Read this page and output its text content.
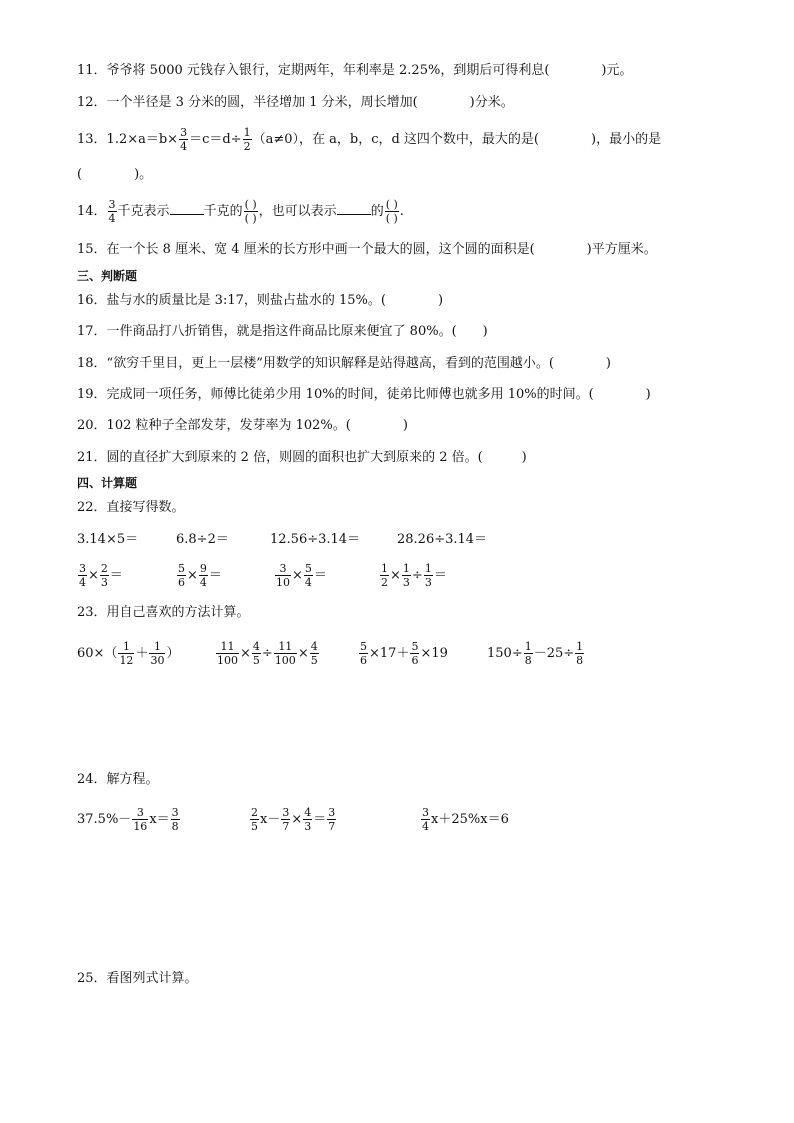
11．爷爷将 5000 元钱存入银行，定期两年，年利率是 2.25%，到期后可得利息(　　　　)元。
12．一个半径是 3 分米的圆，半径增加 1 分米，周长增加(　　　　)分米。
13．$1.2\times a=b\times \frac{3}{4} =c=d\div \frac{1}{2} (a\ne 0)$，在 a，b，c，d 这四个数中，最大的是(　　　　)，最小的是
(　　　　)。
14． $\frac{3}{4}$ 千克表示	千克的 $\frac{( )}{( )}$ ，也可以表示	的 $\frac{( )}{( )}$ .
15．在一个长 8 厘米、宽 4 厘米的长方形中画一个最大的圆，这个圆的面积是(　　　　)平方厘米。
三、判断题
16．盐与水的质量比是 3:17，则盐占盐水的 15%。(　　　　)
17．一件商品打八折销售，就是指这件商品比原来便宜了 80%。(　　)
18．“欲穷千里目，更上一层楼”用数学的知识解释是站得越高，看到的范围越小。(　　　　)
19．完成同一项任务，师傅比徒弟少用 10%的时间，徒弟比师傅也就多用 10%的时间。(　　　　)
20．102 粒种子全部发芽，发芽率为 102%。(　　　　)
21．圆的直径扩大到原来的 2 倍，则圆的面积也扩大到原来的 2 倍。(　　　)
四、计算题
22．直接写得数。
3.14×5＝	6.8÷2＝	12.56÷3.14＝	28.26÷3.14＝
$\frac{3}{4} \times \frac{2}{3}$ ＝	$\frac{5}{6} \times \frac{9}{4}$ ＝	$\frac{3}{10} \times \frac{5}{4}$ ＝	$\frac{1}{2} \times \frac{1}{3} \div \frac{1}{3}$ ＝
23．用自己喜欢的方法计算。
$60\times( \frac{1}{12} + \frac{1}{30}$ ）	$\frac{11}{100} \times \frac{4}{5} \div \frac{11}{100} \times \frac{4}{5}$	$\frac{5}{6} \times 17+ \frac{5}{6} \times 19$	$150\div \frac{1}{8} -25\div \frac{1}{8}$
24．解方程。
$37.5\%- \frac{3}{16} x= \frac{3}{8}$	$\frac{2}{5} x- \frac{3}{7} \times \frac{4}{3} = \frac{3}{7}$	$\frac{3}{4} x+25\%x=6$
25．看图列式计算。
